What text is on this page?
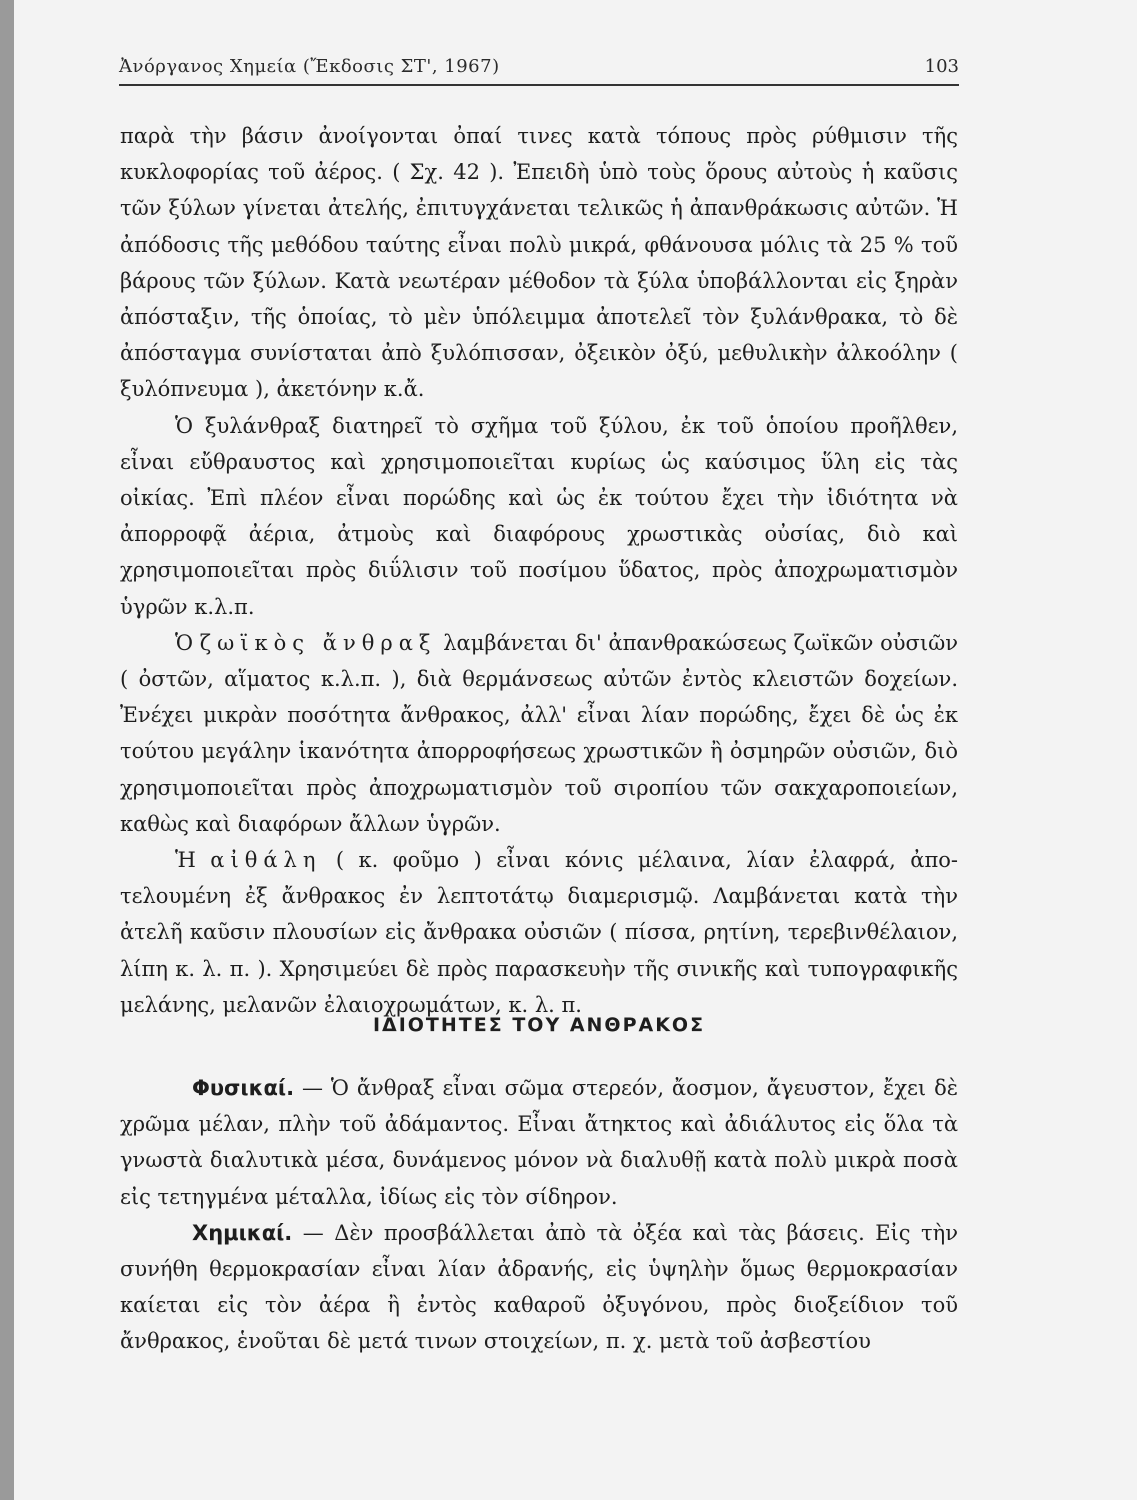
Ἀνόργανος Χημεία (Ἔκδοσις ΣΤ', 1967)	103

παρὰ τὴν βάσιν ἀνοίγονται ὀπαί τινες κατὰ τόπους πρὸς ρύθμισιν τῆς κυκλοφορίας τοῦ ἀέρος. ( Σχ. 42 ). Ἐπειδὴ ὑπὸ τοὺς ὅρους αὐτοὺς ἡ καῦσις τῶν ξύλων γίνεται ἀτελής, ἐπιτυγχάνεται τελικῶς ἡ ἀπανθράκωσις αὐτῶν. Ἡ ἀπόδοσις τῆς μεθόδου ταύτης εἶναι πολὺ μικρά, φθάνουσα μόλις τὰ 25 % τοῦ βάρους τῶν ξύλων. Κατὰ νεωτέραν μέθοδον τὰ ξύλα ὑποβάλλονται εἰς ξηρὰν ἀπόσταξιν, τῆς ὁποίας, τὸ μὲν ὑπόλειμμα ἀποτελεῖ τὸν ξυλάνθρακα, τὸ δὲ ἀπόσταγμα συνίσταται ἀπὸ ξυλόπισσαν, ὀξεικὸν ὀξύ, μεθυλικὴν ἀλκοόλην ( ξυλόπνευμα ), ἀκετόνην κ.ἄ.

Ὁ ξυλάνθραξ διατηρεῖ τὸ σχῆμα τοῦ ξύλου, ἐκ τοῦ ὁποίου προῆλθεν, εἶναι εὔθραυστος καὶ χρησιμοποιεῖται κυρίως ὡς καύσιμος ὕλη εἰς τὰς οἰκίας. Ἐπὶ πλέον εἶναι πορώδης καὶ ὡς ἐκ τούτου ἔχει τὴν ἰδιότητα νὰ ἀπορροφᾷ ἀέρια, ἀτμοὺς καὶ διαφόρους χρωστικὰς οὐσίας, διὸ καὶ χρησιμοποιεῖται πρὸς διΰλισιν τοῦ ποσίμου ὕδατος, πρὸς ἀποχρωματισμὸν ὑγρῶν κ.λ.π.

Ὁ ζωϊκὸς ἄνθραξ λαμβάνεται δι' ἀπανθρακώσεως ζωϊκῶν οὐσιῶν ( ὀστῶν, αἵματος κ.λ.π. ), διὰ θερμάνσεως αὐτῶν ἐντὸς κλειστῶν δοχείων. Ἐνέχει μικρὰν ποσότητα ἄνθρακος, ἀλλ' εἶναι λίαν πορώδης, ἔχει δὲ ὡς ἐκ τούτου μεγάλην ἱκανότητα ἀπορροφήσεως χρωστικῶν ἢ ὀσμηρῶν οὐσιῶν, διὸ χρησιμοποιεῖται πρὸς ἀποχρωματισμὸν τοῦ σιροπίου τῶν σακχαροποιείων, καθὼς καὶ διαφόρων ἄλλων ὑγρῶν.

Ἡ αἰθάλη ( κ. φοῦμο ) εἶναι κόνις μέλαινα, λίαν ἐλαφρά, ἀποτελουμένη ἐξ ἄνθρακος ἐν λεπτοτάτῳ διαμερισμῷ. Λαμβάνεται κατὰ τὴν ἀτελῆ καῦσιν πλουσίων εἰς ἄνθρακα οὐσιῶν ( πίσσα, ρητίνη, τερεβινθέλαιον, λίπη κ. λ. π. ). Χρησιμεύει δὲ πρὸς παρασκευὴν τῆς σινικῆς καὶ τυπογραφικῆς μελάνης, μελανῶν ἐλαιοχρωμάτων, κ. λ. π.

ΙΔΙΟΤΗΤΕΣ ΤΟΥ ΑΝΘΡΑΚΟΣ

Φυσικαί. — Ὁ ἄνθραξ εἶναι σῶμα στερεόν, ἄοσμον, ἄγευστον, ἔχει δὲ χρῶμα μέλαν, πλὴν τοῦ ἀδάμαντος. Εἶναι ἄτηκτος καὶ ἀδιάλυτος εἰς ὅλα τὰ γνωστὰ διαλυτικὰ μέσα, δυνάμενος μόνον νὰ διαλυθῇ κατὰ πολὺ μικρὰ ποσὰ εἰς τετηγμένα μέταλλα, ἰδίως εἰς τὸν σίδηρον.

Χημικαί. — Δὲν προσβάλλεται ἀπὸ τὰ ὀξέα καὶ τὰς βάσεις. Εἰς τὴν συνήθη θερμοκρασίαν εἶναι λίαν ἀδρανής, εἰς ὑψηλὴν ὅμως θερμοκρασίαν καίεται εἰς τὸν ἀέρα ἢ ἐντὸς καθαροῦ ὀξυγόνου, πρὸς διοξείδιον τοῦ ἄνθρακος, ἑνοῦται δὲ μετά τινων στοιχείων, π. χ. μετὰ τοῦ ἀσβεστίου
